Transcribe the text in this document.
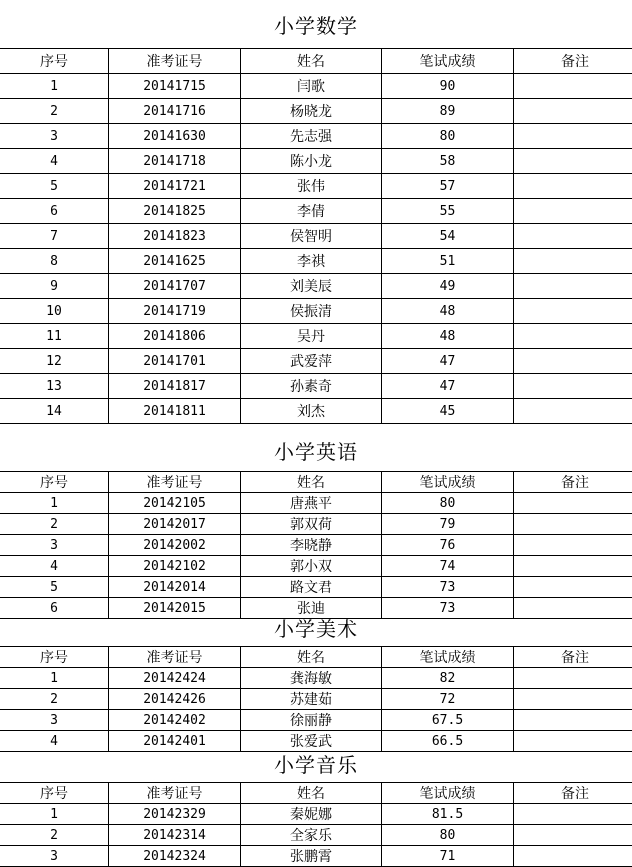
小学数学
序号	准考证号	姓名	笔试成绩	备注
1	20141715	闫歌	90	
2	20141716	杨晓龙	89	
3	20141630	先志强	80	
4	20141718	陈小龙	58	
5	20141721	张伟	57	
6	20141825	李倩	55	
7	20141823	侯智明	54	
8	20141625	李祺	51	
9	20141707	刘美辰	49	
10	20141719	侯振清	48	
11	20141806	吴丹	48	
12	20141701	武爱萍	47	
13	20141817	孙素奇	47	
14	20141811	刘杰	45	
小学英语
序号	准考证号	姓名	笔试成绩	备注
1	20142105	唐燕平	80	
2	20142017	郭双荷	79	
3	20142002	李晓静	76	
4	20142102	郭小双	74	
5	20142014	路文君	73	
6	20142015	张迪	73	
小学美术
序号	准考证号	姓名	笔试成绩	备注
1	20142424	龚海敏	82	
2	20142426	苏建茹	72	
3	20142402	徐丽静	67.5	
4	20142401	张爱武	66.5	
小学音乐
序号	准考证号	姓名	笔试成绩	备注
1	20142329	秦妮娜	81.5	
2	20142314	全家乐	80	
3	20142324	张鹏霄	71	
